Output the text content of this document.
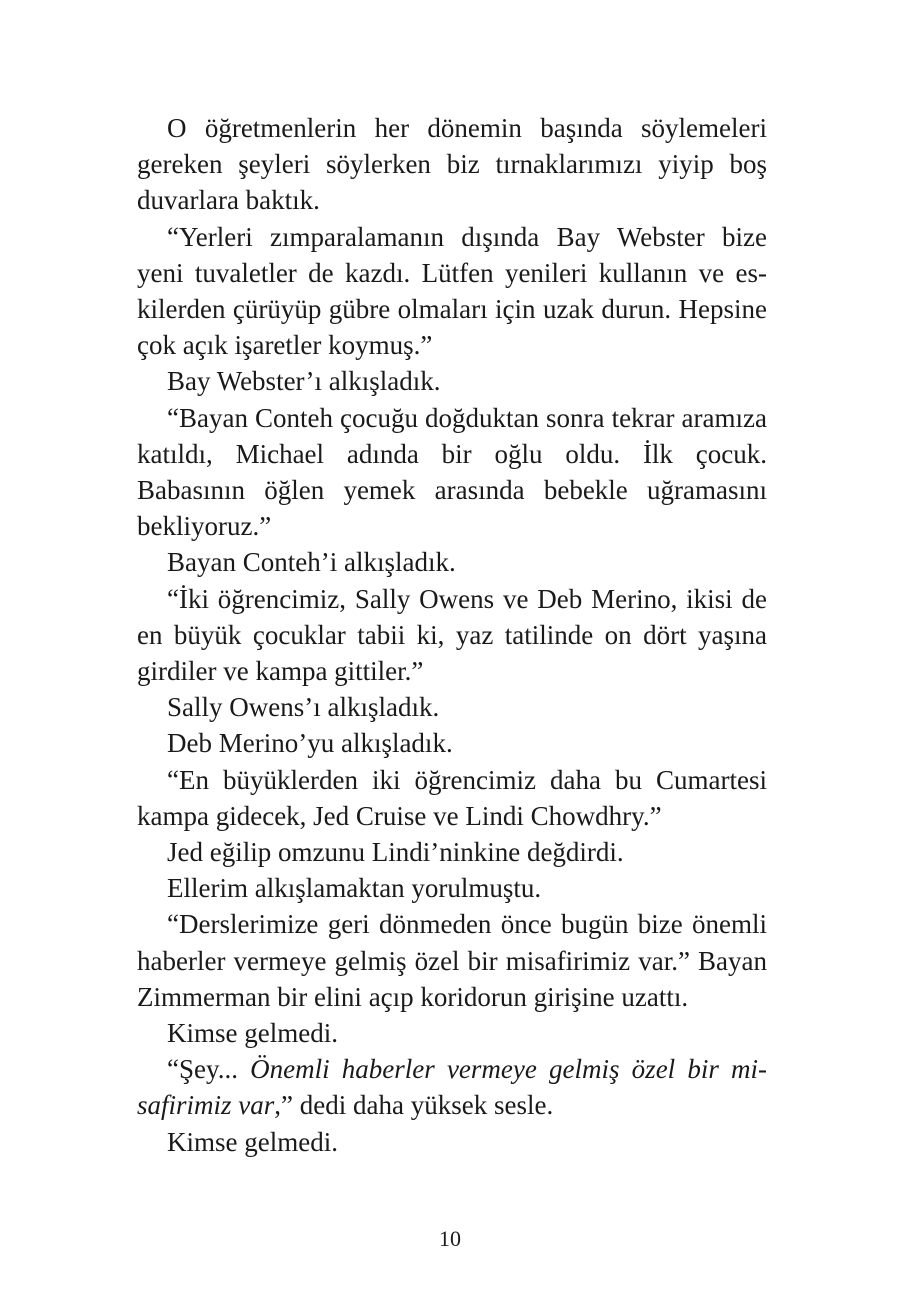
O öğretmenlerin her dönemin başında söylemeleri gereken şeyleri söylerken biz tırnaklarımızı yiyip boş duvarlara baktık.

“Yerleri zımparalamanın dışında Bay Webster bize yeni tuvaletler de kazdı. Lütfen yenileri kullanın ve eskilerden çürüyüp gübre olmaları için uzak durun. Hepsine çok açık işaretler koymuş.”

Bay Webster’ı alkışladık.

“Bayan Conteh çocuğu doğduktan sonra tekrar aramıza katıldı, Michael adında bir oğlu oldu. İlk çocuk. Babasının öğlen yemek arasında bebekle uğramasını bekliyoruz.”

Bayan Conteh’i alkışladık.

“İki öğrencimiz, Sally Owens ve Deb Merino, ikisi de en büyük çocuklar tabii ki, yaz tatilinde on dört yaşına girdiler ve kampa gittiler.”

Sally Owens’ı alkışladık.

Deb Merino’yu alkışladık.

“En büyüklerden iki öğrencimiz daha bu Cumartesi kampa gidecek, Jed Cruise ve Lindi Chowdhry.”

Jed eğilip omzunu Lindi’ninkine değdirdi.

Ellerim alkışlamaktan yorulmuştu.

“Derslerimize geri dönmeden önce bugün bize önemli haberler vermeye gelmiş özel bir misafirimiz var.” Bayan Zimmerman bir elini açıp koridorun girişine uzattı.

Kimse gelmedi.

“Şey... Önemli haberler vermeye gelmiş özel bir misafirimiz var,” dedi daha yüksek sesle.

Kimse gelmedi.

10
